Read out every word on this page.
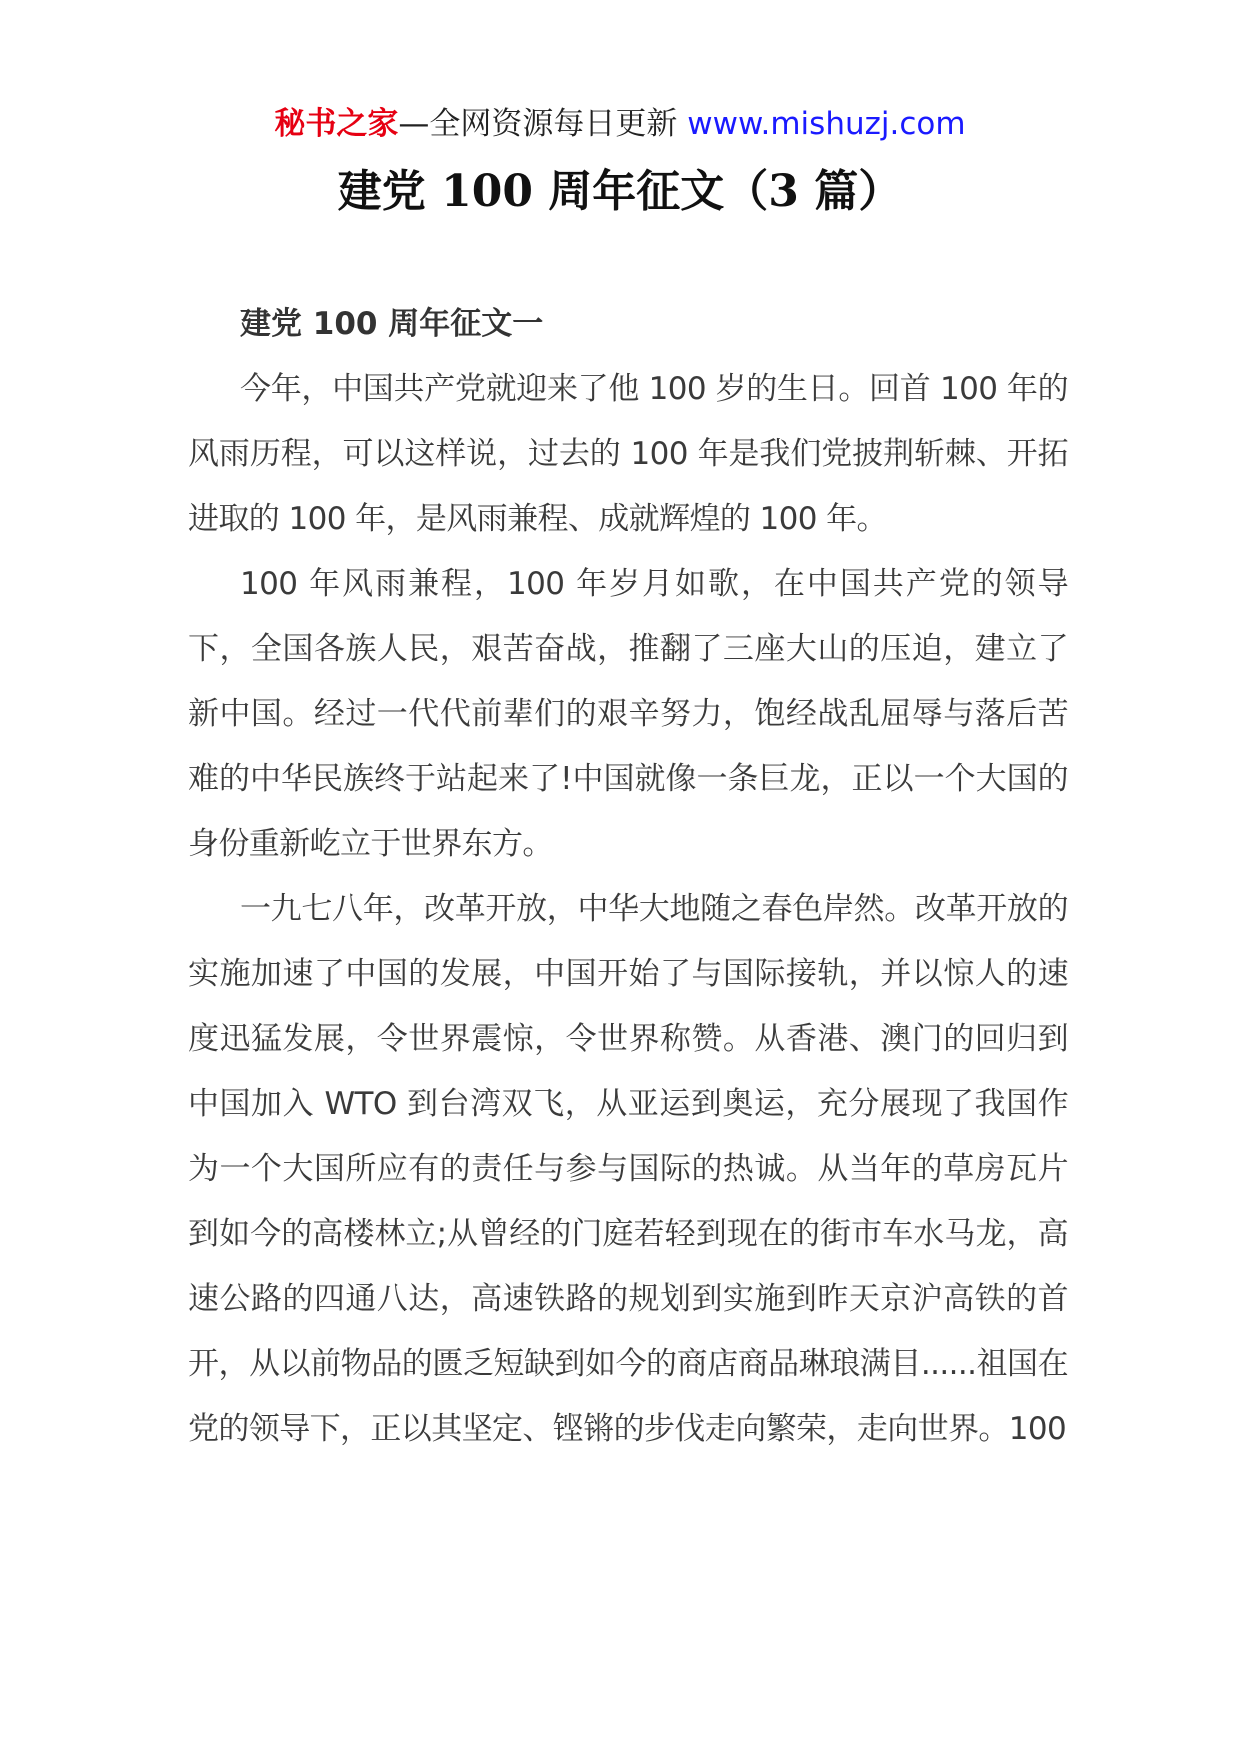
秘书之家—全网资源每日更新 www.mishuzj.com
建党 100 周年征文（3 篇）
建党 100 周年征文一

今年，中国共产党就迎来了他 100 岁的生日。回首 100 年的风雨历程，可以这样说，过去的 100 年是我们党披荆斩棘、开拓进取的 100 年，是风雨兼程、成就辉煌的 100 年。

100 年风雨兼程，100 年岁月如歌，在中国共产党的领导下，全国各族人民，艰苦奋战，推翻了三座大山的压迫，建立了新中国。经过一代代前辈们的艰辛努力，饱经战乱屈辱与落后苦难的中华民族终于站起来了!中国就像一条巨龙，正以一个大国的身份重新屹立于世界东方。

一九七八年，改革开放，中华大地随之春色岸然。改革开放的实施加速了中国的发展，中国开始了与国际接轨，并以惊人的速度迅猛发展，令世界震惊，令世界称赞。从香港、澳门的回归到中国加入 WTO 到台湾双飞，从亚运到奥运，充分展现了我国作为一个大国所应有的责任与参与国际的热诚。从当年的草房瓦片到如今的高楼林立;从曾经的门庭若轻到现在的街市车水马龙，高速公路的四通八达，高速铁路的规划到实施到昨天京沪高铁的首开，从以前物品的匮乏短缺到如今的商店商品琳琅满目......祖国在党的领导下，正以其坚定、铿锵的步伐走向繁荣，走向世界。100
